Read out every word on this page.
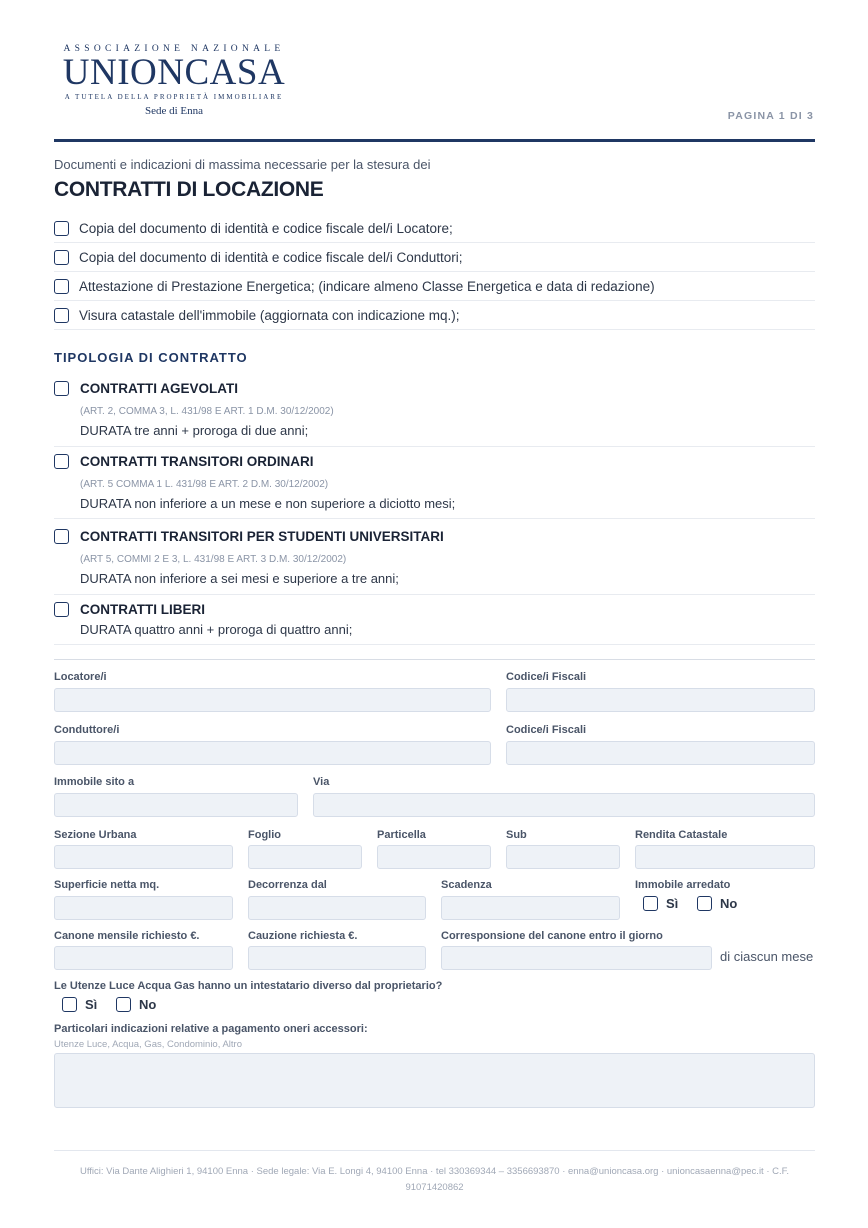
ASSOCIAZIONE NAZIONALE
UNIONCASA
A TUTELA DELLA PROPRIETÀ IMMOBILIARE
Sede di Enna	PAGINA 1 DI 3
Documenti e indicazioni di massima necessarie per la stesura dei
CONTRATTI DI LOCAZIONE
Copia del documento di identità e codice fiscale del/i Locatore;
Copia del documento di identità e codice fiscale del/i Conduttori;
Attestazione di Prestazione Energetica; (indicare almeno Classe Energetica e data di redazione)
Visura catastale dell'immobile (aggiornata con indicazione mq.);
TIPOLOGIA DI CONTRATTO
CONTRATTI AGEVOLATI
(ART. 2, COMMA 3, L. 431/98 E ART. 1 D.M. 30/12/2002)
DURATA tre anni + proroga di due anni;
CONTRATTI TRANSITORI ORDINARI
(ART. 5 COMMA 1 L. 431/98 E ART. 2 D.M. 30/12/2002)
DURATA non inferiore a un mese e non superiore a diciotto mesi;
CONTRATTI TRANSITORI PER STUDENTI UNIVERSITARI
(ART 5, COMMI 2 E 3, L. 431/98 E ART. 3 D.M. 30/12/2002)
DURATA non inferiore a sei mesi e superiore a tre anni;
CONTRATTI LIBERI
DURATA quattro anni + proroga di quattro anni;
Locatore/i	Codice/i Fiscali
Conduttore/i	Codice/i Fiscali
Immobile sito a	Via
Sezione Urbana	Foglio	Particella	Sub	Rendita Catastale
Superficie netta mq.	Decorrenza dal	Scadenza	Immobile arredato
Sì	No
Canone mensile richiesto €.	Cauzione richiesta €.	Corresponsione del canone entro il giorno
di ciascun mese
Le Utenze Luce Acqua Gas hanno un intestatario diverso dal proprietario?
Sì	No
Particolari indicazioni relative a pagamento oneri accessori:
Utenze Luce, Acqua, Gas, Condominio, Altro
Uffici: Via Dante Alighieri 1, 94100 Enna · Sede legale: Via E. Longi 4, 94100 Enna · tel 330369344 – 3356693870 · enna@unioncasa.org · unioncasaenna@pec.it · C.F. 91071420862
